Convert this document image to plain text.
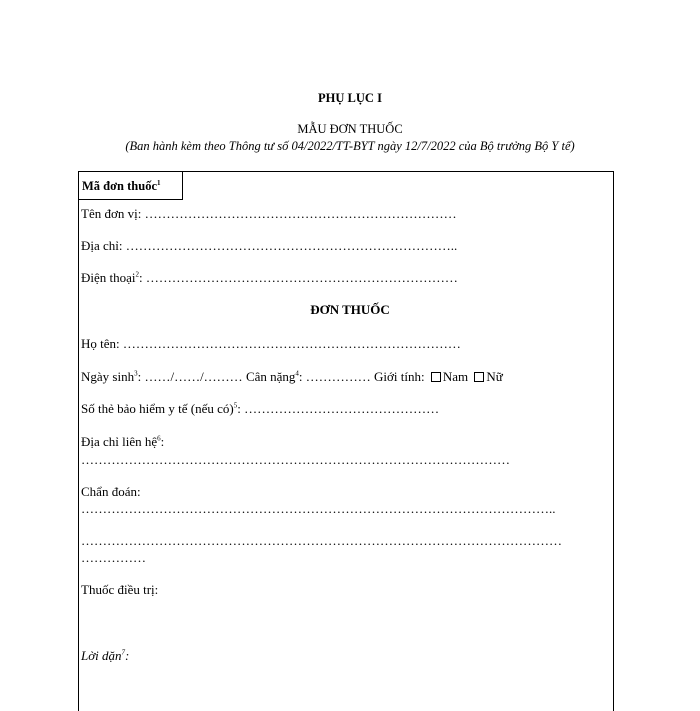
PHỤ LỤC I
MẪU ĐƠN THUỐC
(Ban hành kèm theo Thông tư số 04/2022/TT-BYT ngày 12/7/2022 của Bộ trưởng Bộ Y tế)
Mã đơn thuốc$^1$
Tên đơn vị: ………………………………………………………………
Địa chỉ: …………………………………………………………………..
Điện thoại$^2$: ………………………………………………………………
ĐƠN THUỐC
Họ tên: ……………………………………………………………………
Ngày $\sinh^3$: ……/……/……… Cân nặng$^4$: …………… Giới tính: Nam Nữ
Số thẻ bảo hiểm y tế (nếu có)$^5$: ………………………………………
Địa chỉ liên hệ$^6$:
………………………………………………………………………………………
Chẩn đoán:
………………………………………………………………………………………………..
…………………………………………………………………………………………………
……………
Thuốc điều trị:
Lời dặn$^7$:
